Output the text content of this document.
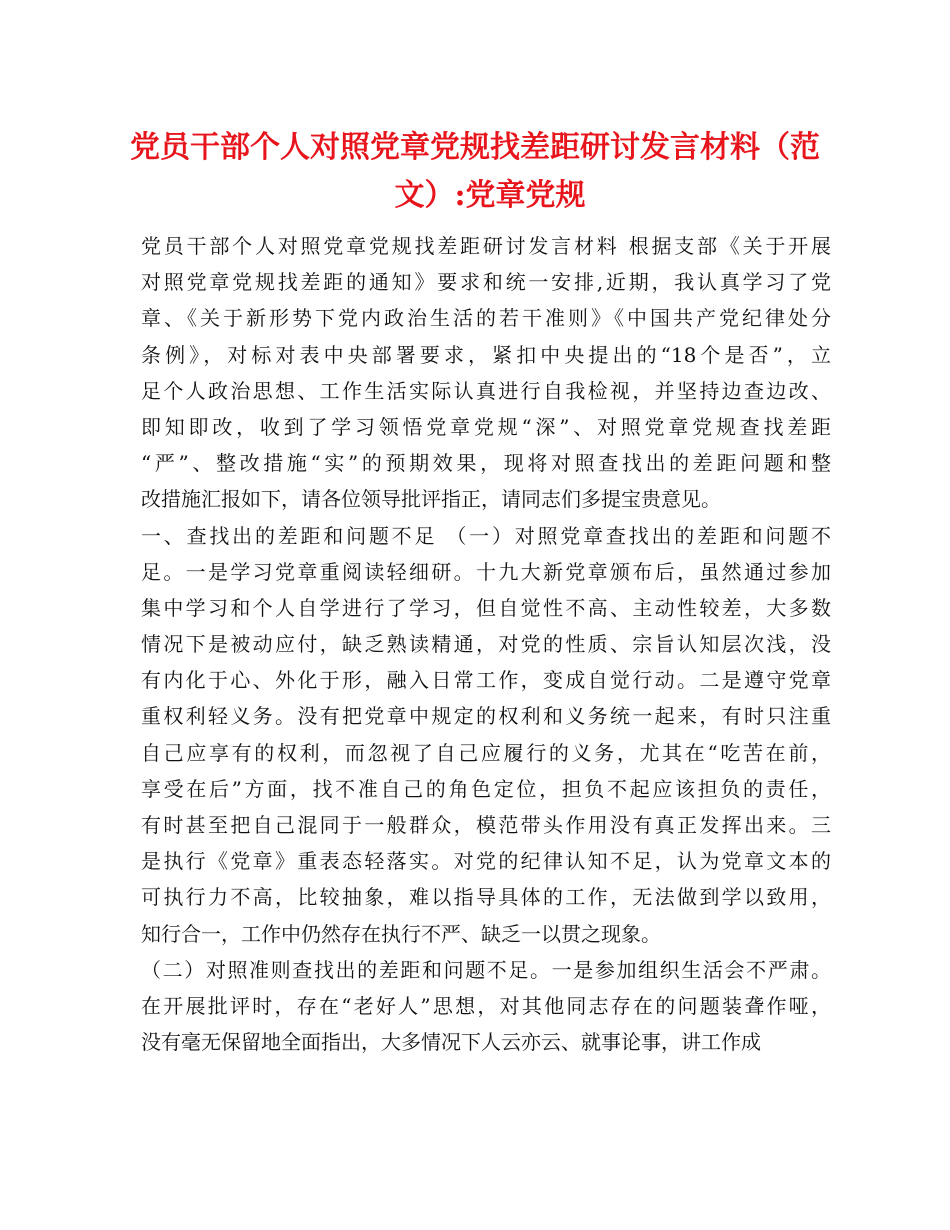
党员干部个人对照党章党规找差距研讨发言材料（范
文）:党章党规
党员干部个人对照党章党规找差距研讨发言材料 根据支部《关于开展
对照党章党规找差距的通知》要求和统一安排,近期，我认真学习了党
章、《关于新形势下党内政治生活的若干准则》《中国共产党纪律处分
条例》，对标对表中央部署要求，紧扣中央提出的“18个是否”，立
足个人政治思想、工作生活实际认真进行自我检视，并坚持边查边改、
即知即改，收到了学习领悟党章党规“深”、对照党章党规查找差距
“严”、整改措施“实”的预期效果，现将对照查找出的差距问题和整
改措施汇报如下，请各位领导批评指正，请同志们多提宝贵意见。
一、查找出的差距和问题不足 （一）对照党章查找出的差距和问题不
足。一是学习党章重阅读轻细研。十九大新党章颁布后，虽然通过参加
集中学习和个人自学进行了学习，但自觉性不高、主动性较差，大多数
情况下是被动应付，缺乏熟读精通，对党的性质、宗旨认知层次浅，没
有内化于心、外化于形，融入日常工作，变成自觉行动。二是遵守党章
重权利轻义务。没有把党章中规定的权利和义务统一起来，有时只注重
自己应享有的权利，而忽视了自己应履行的义务，尤其在“吃苦在前，
享受在后”方面，找不准自己的角色定位，担负不起应该担负的责任，
有时甚至把自己混同于一般群众，模范带头作用没有真正发挥出来。三
是执行《党章》重表态轻落实。对党的纪律认知不足，认为党章文本的
可执行力不高，比较抽象，难以指导具体的工作，无法做到学以致用，
知行合一，工作中仍然存在执行不严、缺乏一以贯之现象。
（二）对照准则查找出的差距和问题不足。一是参加组织生活会不严肃。
在开展批评时，存在“老好人”思想，对其他同志存在的问题装聋作哑，
没有毫无保留地全面指出，大多情况下人云亦云、就事论事，讲工作成
